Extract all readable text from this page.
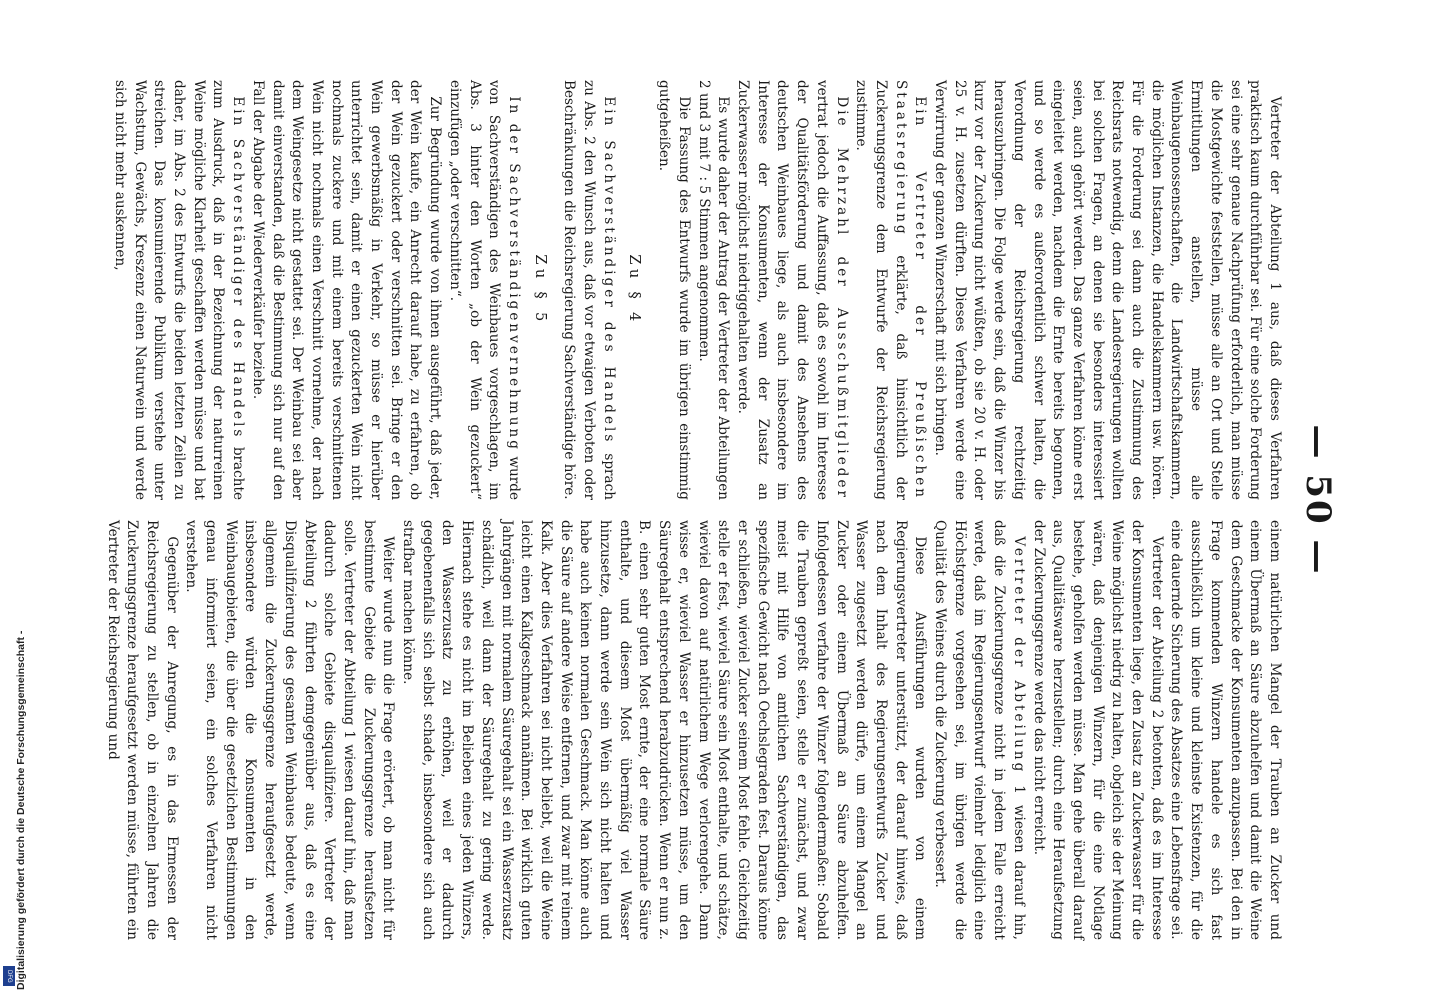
— 50 —

Vertreter der Abteilung 1 aus, daß dieses Verfahren praktisch kaum durchführbar sei. Für eine solche Forderung sei eine sehr genaue Nachprüfung erforderlich, man müsse die Mostgewichte feststellen, müsse alle an Ort und Stelle Ermittlungen anstellen, müsse alle Weinbaugenossenschaften, die Landwirtschaftskammern, die möglichen Instanzen, die Handelskammern usw. hören. Für die Forderung sei dann auch die Zustimmung des Reichsrats notwendig, denn die Landesregierungen wollten bei solchen Fragen, an denen sie besonders interessiert seien, auch gehört werden. Das ganze Verfahren könne erst eingeleitet werden, nachdem die Ernte bereits begonnen, und so werde es außerordentlich schwer halten, die Verordnung der Reichsregierung rechtzeitig herauszubringen. Die Folge werde sein, daß die Winzer bis kurz vor der Zuckerung nicht wüßten, ob sie 20 v. H. oder 25 v. H. zusetzen dürften. Dieses Verfahren werde eine Verwirrung der ganzen Winzerschaft mit sich bringen.

Ein Vertreter der Preußischen Staatsregierung erklärte, daß hinsichtlich der Zuckerungsgrenze dem Entwurfe der Reichsregierung zustimme.

Die Mehrzahl der Ausschußmitglieder vertrat jedoch die Auffassung, daß es sowohl im Interesse der Qualitätsförderung und damit des Ansehens des deutschen Weinbaues liege, als auch insbesondere im Interesse der Konsumenten, wenn der Zusatz an Zuckerwasser möglichst niedriggehalten werde.

Es wurde daher der Antrag der Vertreter der Abteilungen 2 und 3 mit 7 : 5 Stimmen angenommen.

Die Fassung des Entwurfs wurde im übrigen einstimmig gutgeheißen.

Zu § 4

Ein Sachverständiger des Handels sprach zu Abs. 2 den Wunsch aus, daß vor etwaigen Verboten oder Beschränkungen die Reichsregierung Sachverständige höre.

Zu § 5

In der Sachverständigenvernehmung wurde von Sachverständigen des Weinbaues vorgeschlagen, im Abs. 3 hinter den Worten „ob der Wein gezuckert“ einzufügen „oder verschnitten“.

Zur Begründung wurde von ihnen ausgeführt, daß jeder, der Wein kaufe, ein Anrecht darauf habe, zu erfahren, ob der Wein gezuckert oder verschnitten sei. Bringe er den Wein gewerbsmäßig in Verkehr, so müsse er hierüber unterrichtet sein, damit er einen gezuckerten Wein nicht nochmals zuckere und mit einem bereits verschnittenen Wein nicht nochmals einen Verschnitt vornehme, der nach dem Weingesetze nicht gestattet sei. Der Weinbau sei aber damit einverstanden, daß die Bestimmung sich nur auf den Fall der Abgabe der Wiederverkäufer beziehe.

Ein Sachverständiger des Handels brachte zum Ausdruck, daß in der Bezeichnung der naturreinen Weine mögliche Klarheit geschaffen werden müsse und bat daher, im Abs. 2 des Entwurfs die beiden letzten Zeilen zu streichen. Das konsumierende Publikum verstehe unter Wachstum, Gewächs, Kreszenz einen Naturwein und werde sich nicht mehr auskennen,

einem natürlichen Mangel der Trauben an Zucker und einem Übermaß an Säure abzuhelfen und damit die Weine dem Geschmacke der Konsumenten anzupassen. Bei den in Frage kommenden Winzern handele es sich fast ausschließlich um kleine und kleinste Existenzen, für die eine dauernde Sicherung des Absatzes eine Lebensfrage sei.

Vertreter der Abteilung 2 betonten, daß es im Interesse der Konsumenten liege, den Zusatz an Zuckerwasser für die Weine möglichst niedrig zu halten, obgleich sie der Meinung wären, daß denjenigen Winzern, für die eine Notlage bestehe, geholfen werden müsse. Man gehe überall darauf aus, Qualitätsware herzustellen; durch eine Heraufsetzung der Zuckerungsgrenze werde das nicht erreicht.

Vertreter der Abteilung 1 wiesen darauf hin, daß die Zuckerungsgrenze nicht in jedem Falle erreicht werde, daß im Regierungsentwurf vielmehr lediglich eine Höchstgrenze vorgesehen sei, im übrigen werde die Qualität des Weines durch die Zuckerung verbessert.

Diese Ausführungen wurden von einem Regierungsvertreter unterstützt, der darauf hinwies, daß nach dem Inhalt des Regierungsentwurfs Zucker und Wasser zugesetzt werden dürfe, um einem Mangel an Zucker oder einem Übermaß an Säure abzuhelfen. Infolgedessen verfahre der Winzer folgendermaßen: Sobald die Trauben gepreßt seien, stelle er zunächst, und zwar meist mit Hilfe von amtlichen Sachverständigen, das spezifische Gewicht nach Oechslegraden fest. Daraus könne er schließen, wieviel Zucker seinem Most fehle. Gleichzeitig stelle er fest, wieviel Säure sein Most enthalte, und schätze, wieviel davon auf natürlichem Wege verlorengehe. Dann wisse er, wieviel Wasser er hinzusetzen müsse, um den Säuregehalt entsprechend herabzudrücken. Wenn er nun z. B. einen sehr guten Most ernte, der eine normale Säure enthalte, und diesem Most übermäßig viel Wasser hinzusetze, dann werde sein Wein sich nicht halten und habe auch keinen normalen Geschmack. Man könne auch die Säure auf andere Weise entfernen, und zwar mit reinem Kalk. Aber dies Verfahren sei nicht beliebt, weil die Weine leicht einen Kalkgeschmack annähmen. Bei wirklich guten Jahrgängen mit normalem Säuregehalt sei ein Wasserzusatz schädlich, weil dann der Säuregehalt zu gering werde. Hiernach stehe es nicht im Belieben eines jeden Winzers, den Wasserzusatz zu erhöhen, weil er dadurch gegebenenfalls sich selbst schade, insbesondere sich auch strafbar machen könne.

Weiter wurde nun die Frage erörtert, ob man nicht für bestimmte Gebiete die Zuckerungsgrenze heraufsetzen solle. Vertreter der Abteilung 1 wiesen darauf hin, daß man dadurch solche Gebiete disqualifiziere. Vertreter der Abteilung 2 führten demgegenüber aus, daß es eine Disqualifizierung des gesamten Weinbaues bedeute, wenn allgemein die Zuckerungsgrenze heraufgesetzt werde, insbesondere würden die Konsumenten in den Weinbaugebieten, die über die gesetzlichen Bestimmungen genau informiert seien, ein solches Verfahren nicht verstehen.

Gegenüber der Anregung, es in das Ermessen der Reichsregierung zu stellen, ob in einzelnen Jahren die Zuckerungsgrenze heraufgesetzt werden müsse, führten ein Vertreter der Reichsregierung und

Digitalisierung gefördert durch die Deutsche Forschungsgemeinschaft -
DFG
